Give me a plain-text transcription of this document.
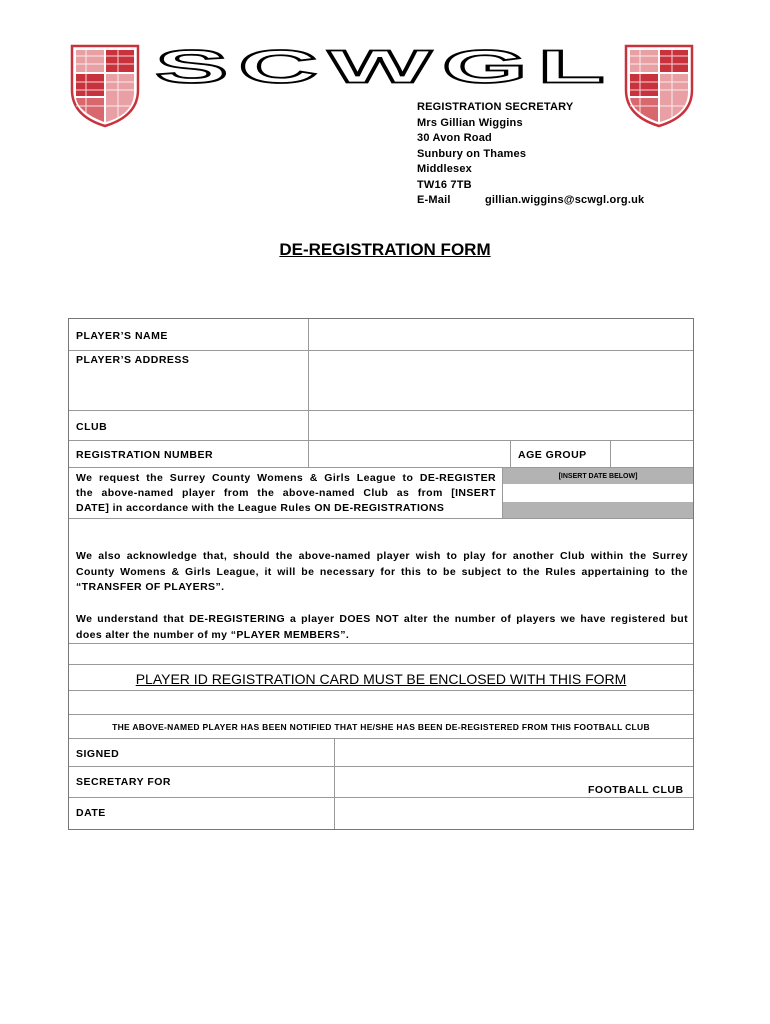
SCWGL
REGISTRATION SECRETARY
Mrs Gillian Wiggins
30 Avon Road
Sunbury on Thames
Middlesex
TW16 7TB
E-Mail	gillian.wiggins@scwgl.org.uk
DE-REGISTRATION FORM
PLAYER’S NAME
PLAYER’S ADDRESS
CLUB
REGISTRATION NUMBER	AGE GROUP
We request the Surrey County Womens & Girls League to DE-REGISTER
the above-named player from the above-named Club as from [INSERT
DATE] in accordance with the League Rules ON DE-REGISTRATIONS
[INSERT DATE BELOW]
We also acknowledge that, should the above-named player wish to play for another Club within the Surrey County Womens & Girls League, it will be necessary for this to be subject to the Rules appertaining to the “TRANSFER OF PLAYERS”.
We understand that DE-REGISTERING a player DOES NOT alter the number of players we have registered but does alter the number of my “PLAYER MEMBERS”.
PLAYER ID REGISTRATION CARD MUST BE ENCLOSED WITH THIS FORM
THE ABOVE-NAMED PLAYER HAS BEEN NOTIFIED THAT HE/SHE HAS BEEN DE-REGISTERED FROM THIS FOOTBALL CLUB
SIGNED
SECRETARY FOR
FOOTBALL CLUB
DATE
